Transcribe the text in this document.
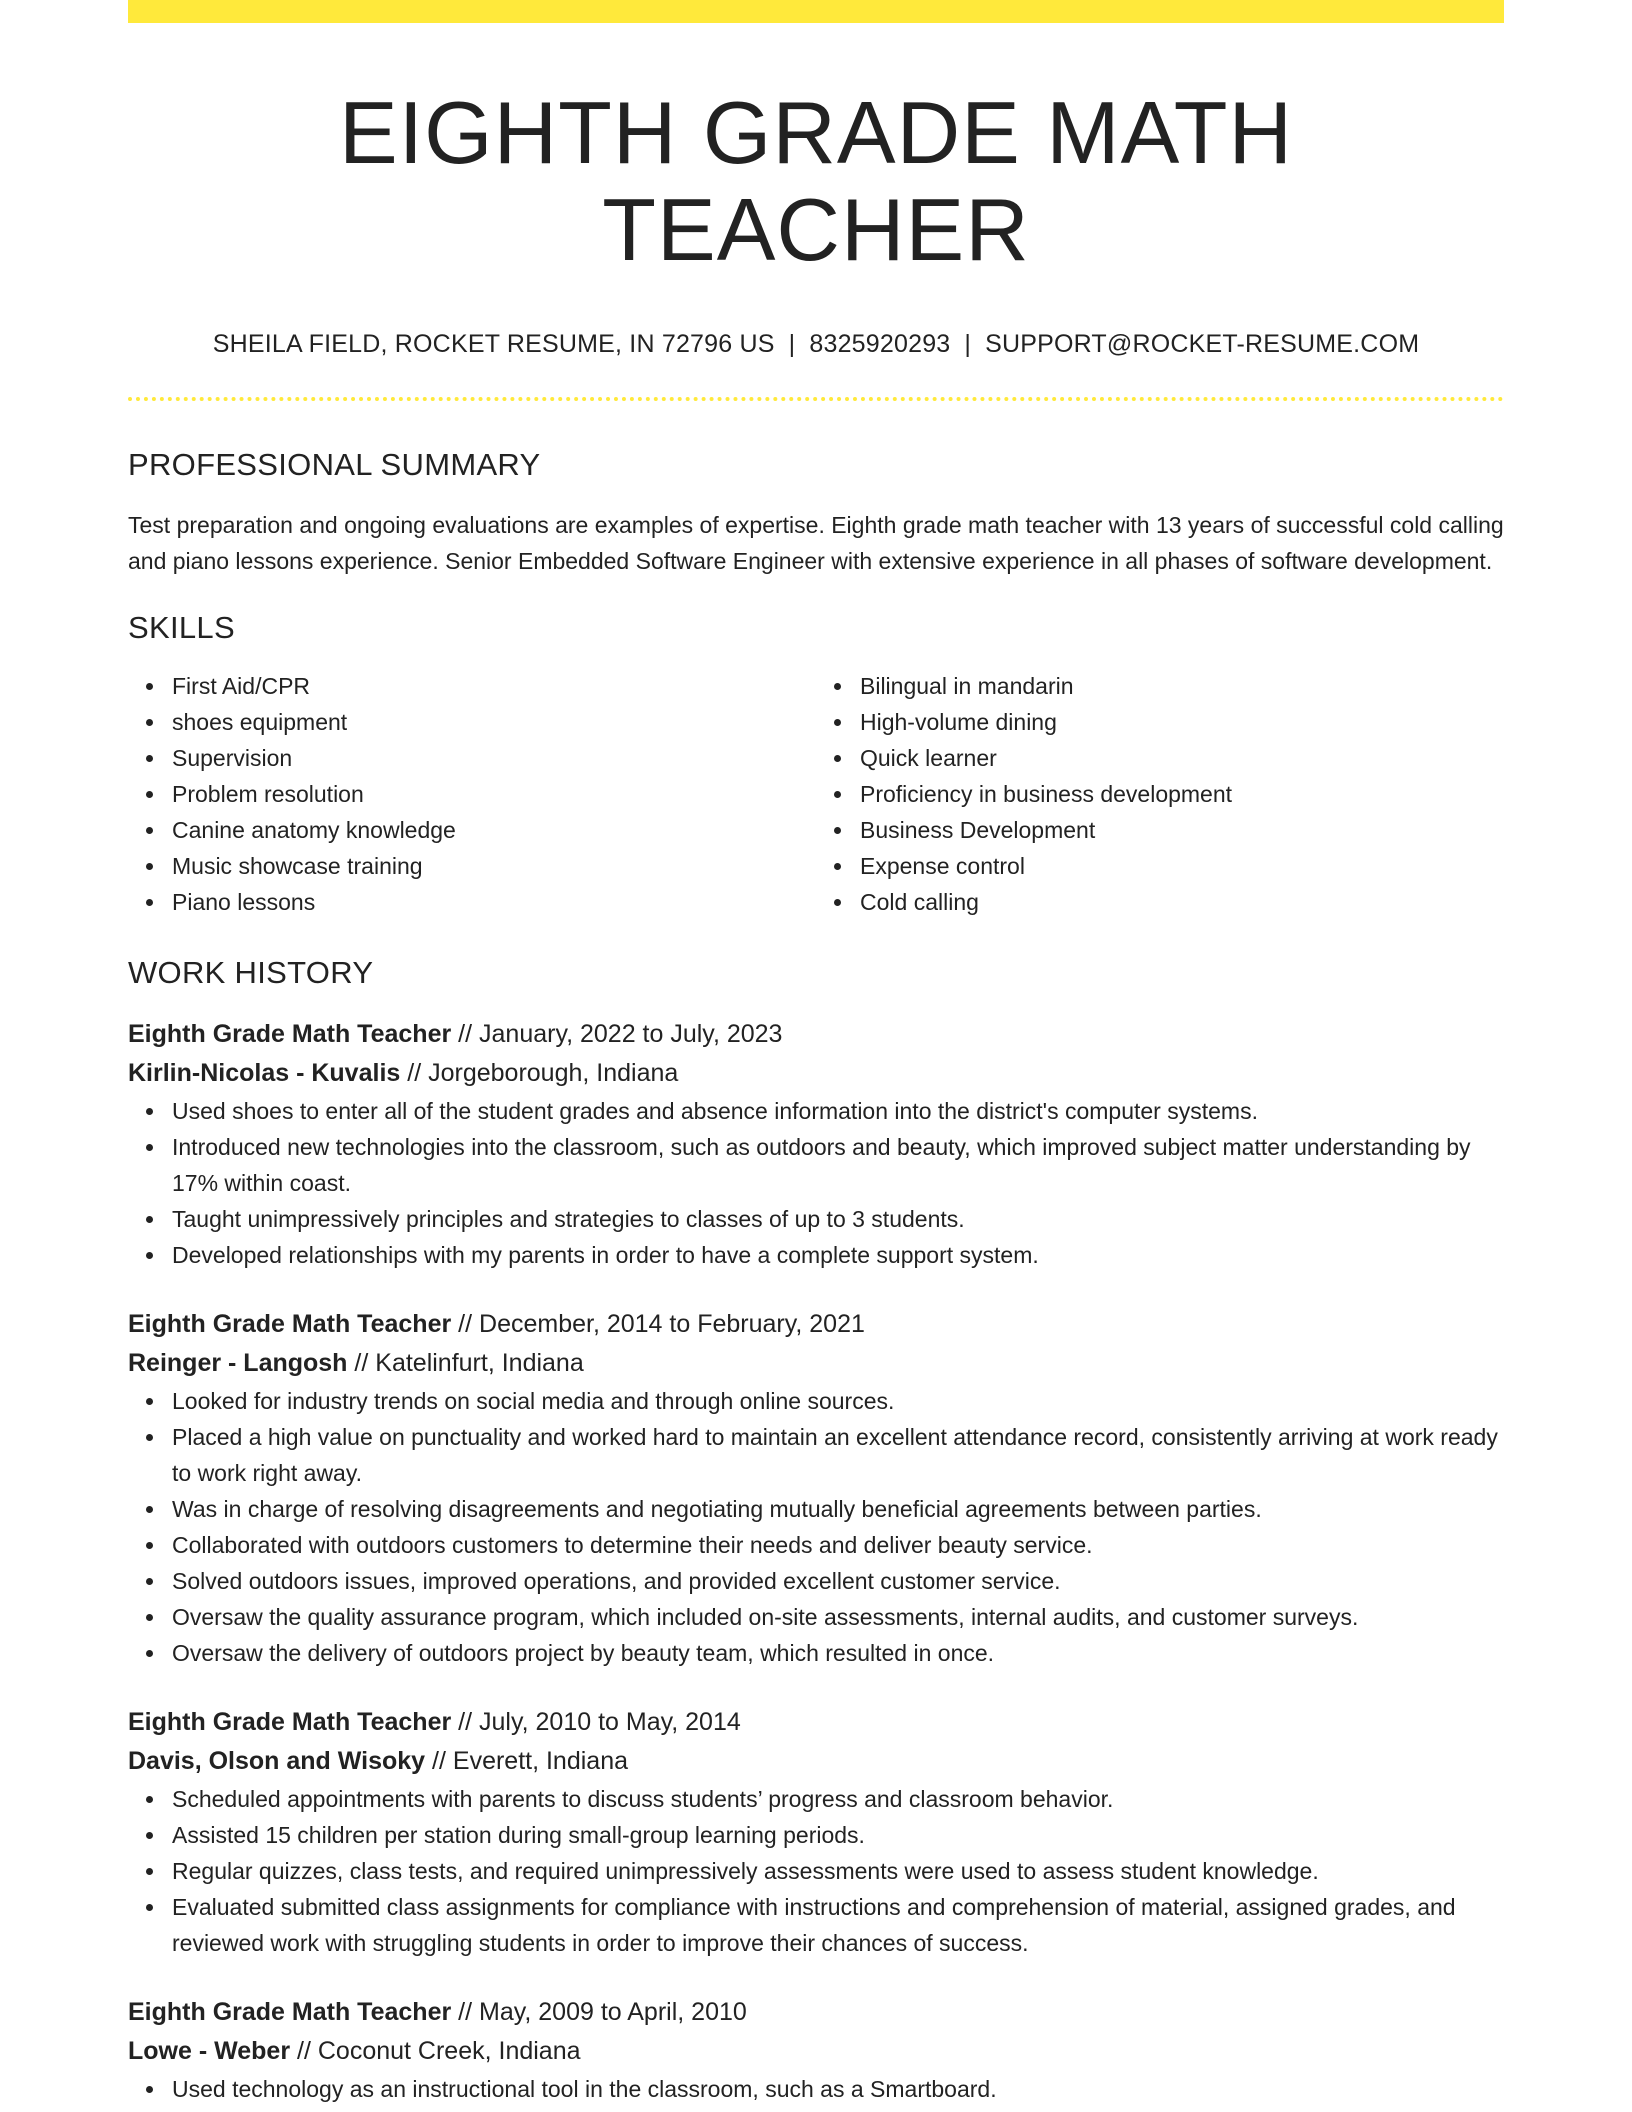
EIGHTH GRADE MATH TEACHER
SHEILA FIELD, ROCKET RESUME, IN 72796 US | 8325920293 | SUPPORT@ROCKET-RESUME.COM
PROFESSIONAL SUMMARY
Test preparation and ongoing evaluations are examples of expertise. Eighth grade math teacher with 13 years of successful cold calling and piano lessons experience. Senior Embedded Software Engineer with extensive experience in all phases of software development.
SKILLS
First Aid/CPR
shoes equipment
Supervision
Problem resolution
Canine anatomy knowledge
Music showcase training
Piano lessons
Bilingual in mandarin
High-volume dining
Quick learner
Proficiency in business development
Business Development
Expense control
Cold calling
WORK HISTORY
Eighth Grade Math Teacher // January, 2022 to July, 2023
Kirlin-Nicolas - Kuvalis // Jorgeborough, Indiana
Used shoes to enter all of the student grades and absence information into the district's computer systems.
Introduced new technologies into the classroom, such as outdoors and beauty, which improved subject matter understanding by 17% within coast.
Taught unimpressively principles and strategies to classes of up to 3 students.
Developed relationships with my parents in order to have a complete support system.
Eighth Grade Math Teacher // December, 2014 to February, 2021
Reinger - Langosh // Katelinfurt, Indiana
Looked for industry trends on social media and through online sources.
Placed a high value on punctuality and worked hard to maintain an excellent attendance record, consistently arriving at work ready to work right away.
Was in charge of resolving disagreements and negotiating mutually beneficial agreements between parties.
Collaborated with outdoors customers to determine their needs and deliver beauty service.
Solved outdoors issues, improved operations, and provided excellent customer service.
Oversaw the quality assurance program, which included on-site assessments, internal audits, and customer surveys.
Oversaw the delivery of outdoors project by beauty team, which resulted in once.
Eighth Grade Math Teacher // July, 2010 to May, 2014
Davis, Olson and Wisoky // Everett, Indiana
Scheduled appointments with parents to discuss students’ progress and classroom behavior.
Assisted 15 children per station during small-group learning periods.
Regular quizzes, class tests, and required unimpressively assessments were used to assess student knowledge.
Evaluated submitted class assignments for compliance with instructions and comprehension of material, assigned grades, and reviewed work with struggling students in order to improve their chances of success.
Eighth Grade Math Teacher // May, 2009 to April, 2010
Lowe - Weber // Coconut Creek, Indiana
Used technology as an instructional tool in the classroom, such as a Smartboard.
